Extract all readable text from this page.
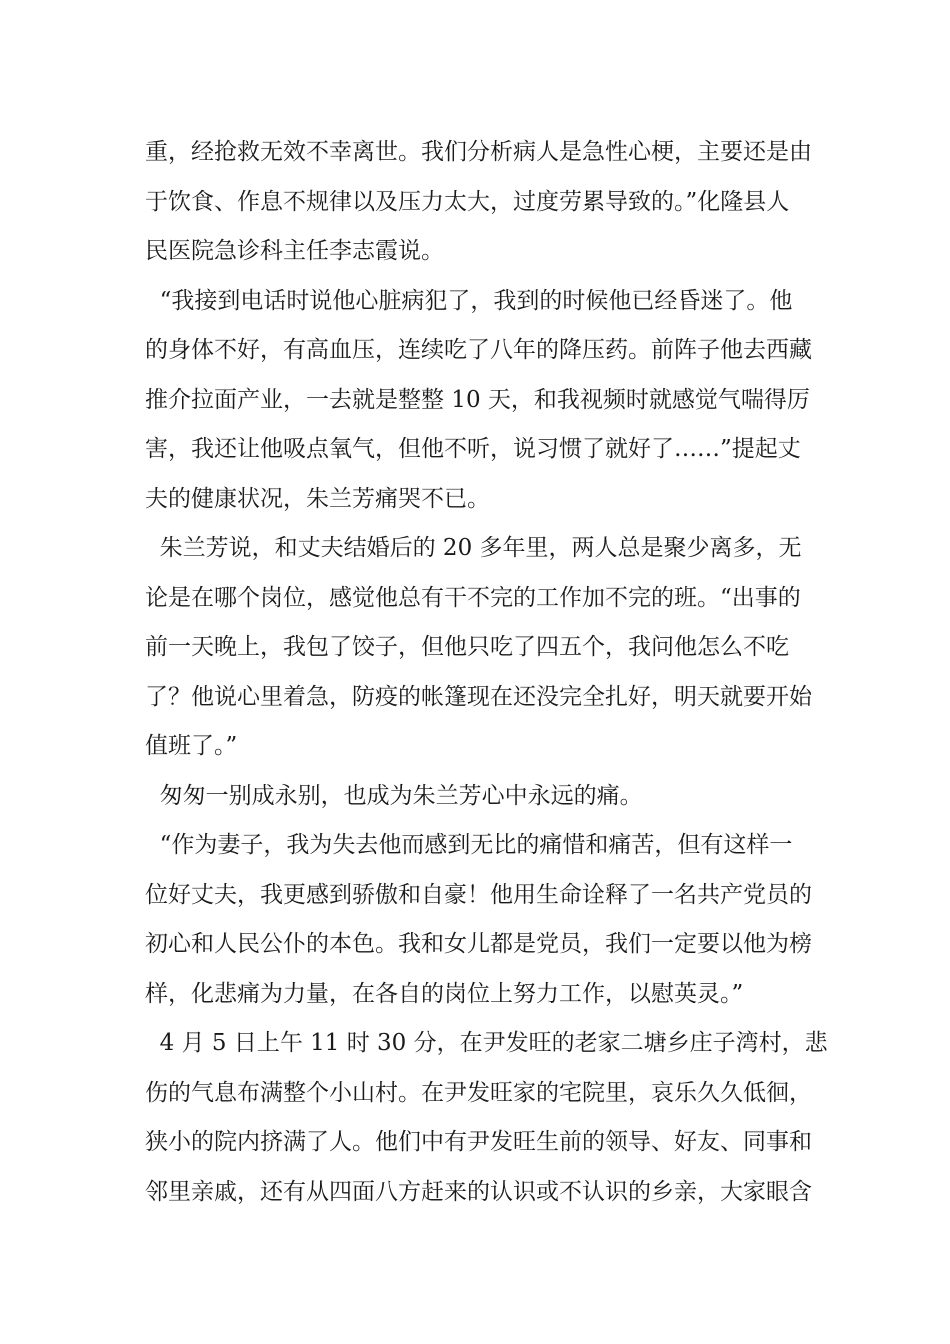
重，经抢救无效不幸离世。我们分析病人是急性心梗，主要还是由
于饮食、作息不规律以及压力太大，过度劳累导致的。”化隆县人
民医院急诊科主任李志霞说。
“我接到电话时说他心脏病犯了，我到的时候他已经昏迷了。他
的身体不好，有高血压，连续吃了八年的降压药。前阵子他去西藏
推介拉面产业，一去就是整整 10 天，和我视频时就感觉气喘得厉
害，我还让他吸点氧气，但他不听，说习惯了就好了……”提起丈
夫的健康状况，朱兰芳痛哭不已。
朱兰芳说，和丈夫结婚后的 20 多年里，两人总是聚少离多，无
论是在哪个岗位，感觉他总有干不完的工作加不完的班。“出事的
前一天晚上，我包了饺子，但他只吃了四五个，我问他怎么不吃
了？他说心里着急，防疫的帐篷现在还没完全扎好，明天就要开始
值班了。”
匆匆一别成永别，也成为朱兰芳心中永远的痛。
“作为妻子，我为失去他而感到无比的痛惜和痛苦，但有这样一
位好丈夫，我更感到骄傲和自豪！他用生命诠释了一名共产党员的
初心和人民公仆的本色。我和女儿都是党员，我们一定要以他为榜
样，化悲痛为力量，在各自的岗位上努力工作，以慰英灵。”
4 月 5 日上午 11 时 30 分，在尹发旺的老家二塘乡庄子湾村，悲
伤的气息布满整个小山村。在尹发旺家的宅院里，哀乐久久低徊，
狭小的院内挤满了人。他们中有尹发旺生前的领导、好友、同事和
邻里亲戚，还有从四面八方赶来的认识或不认识的乡亲，大家眼含
